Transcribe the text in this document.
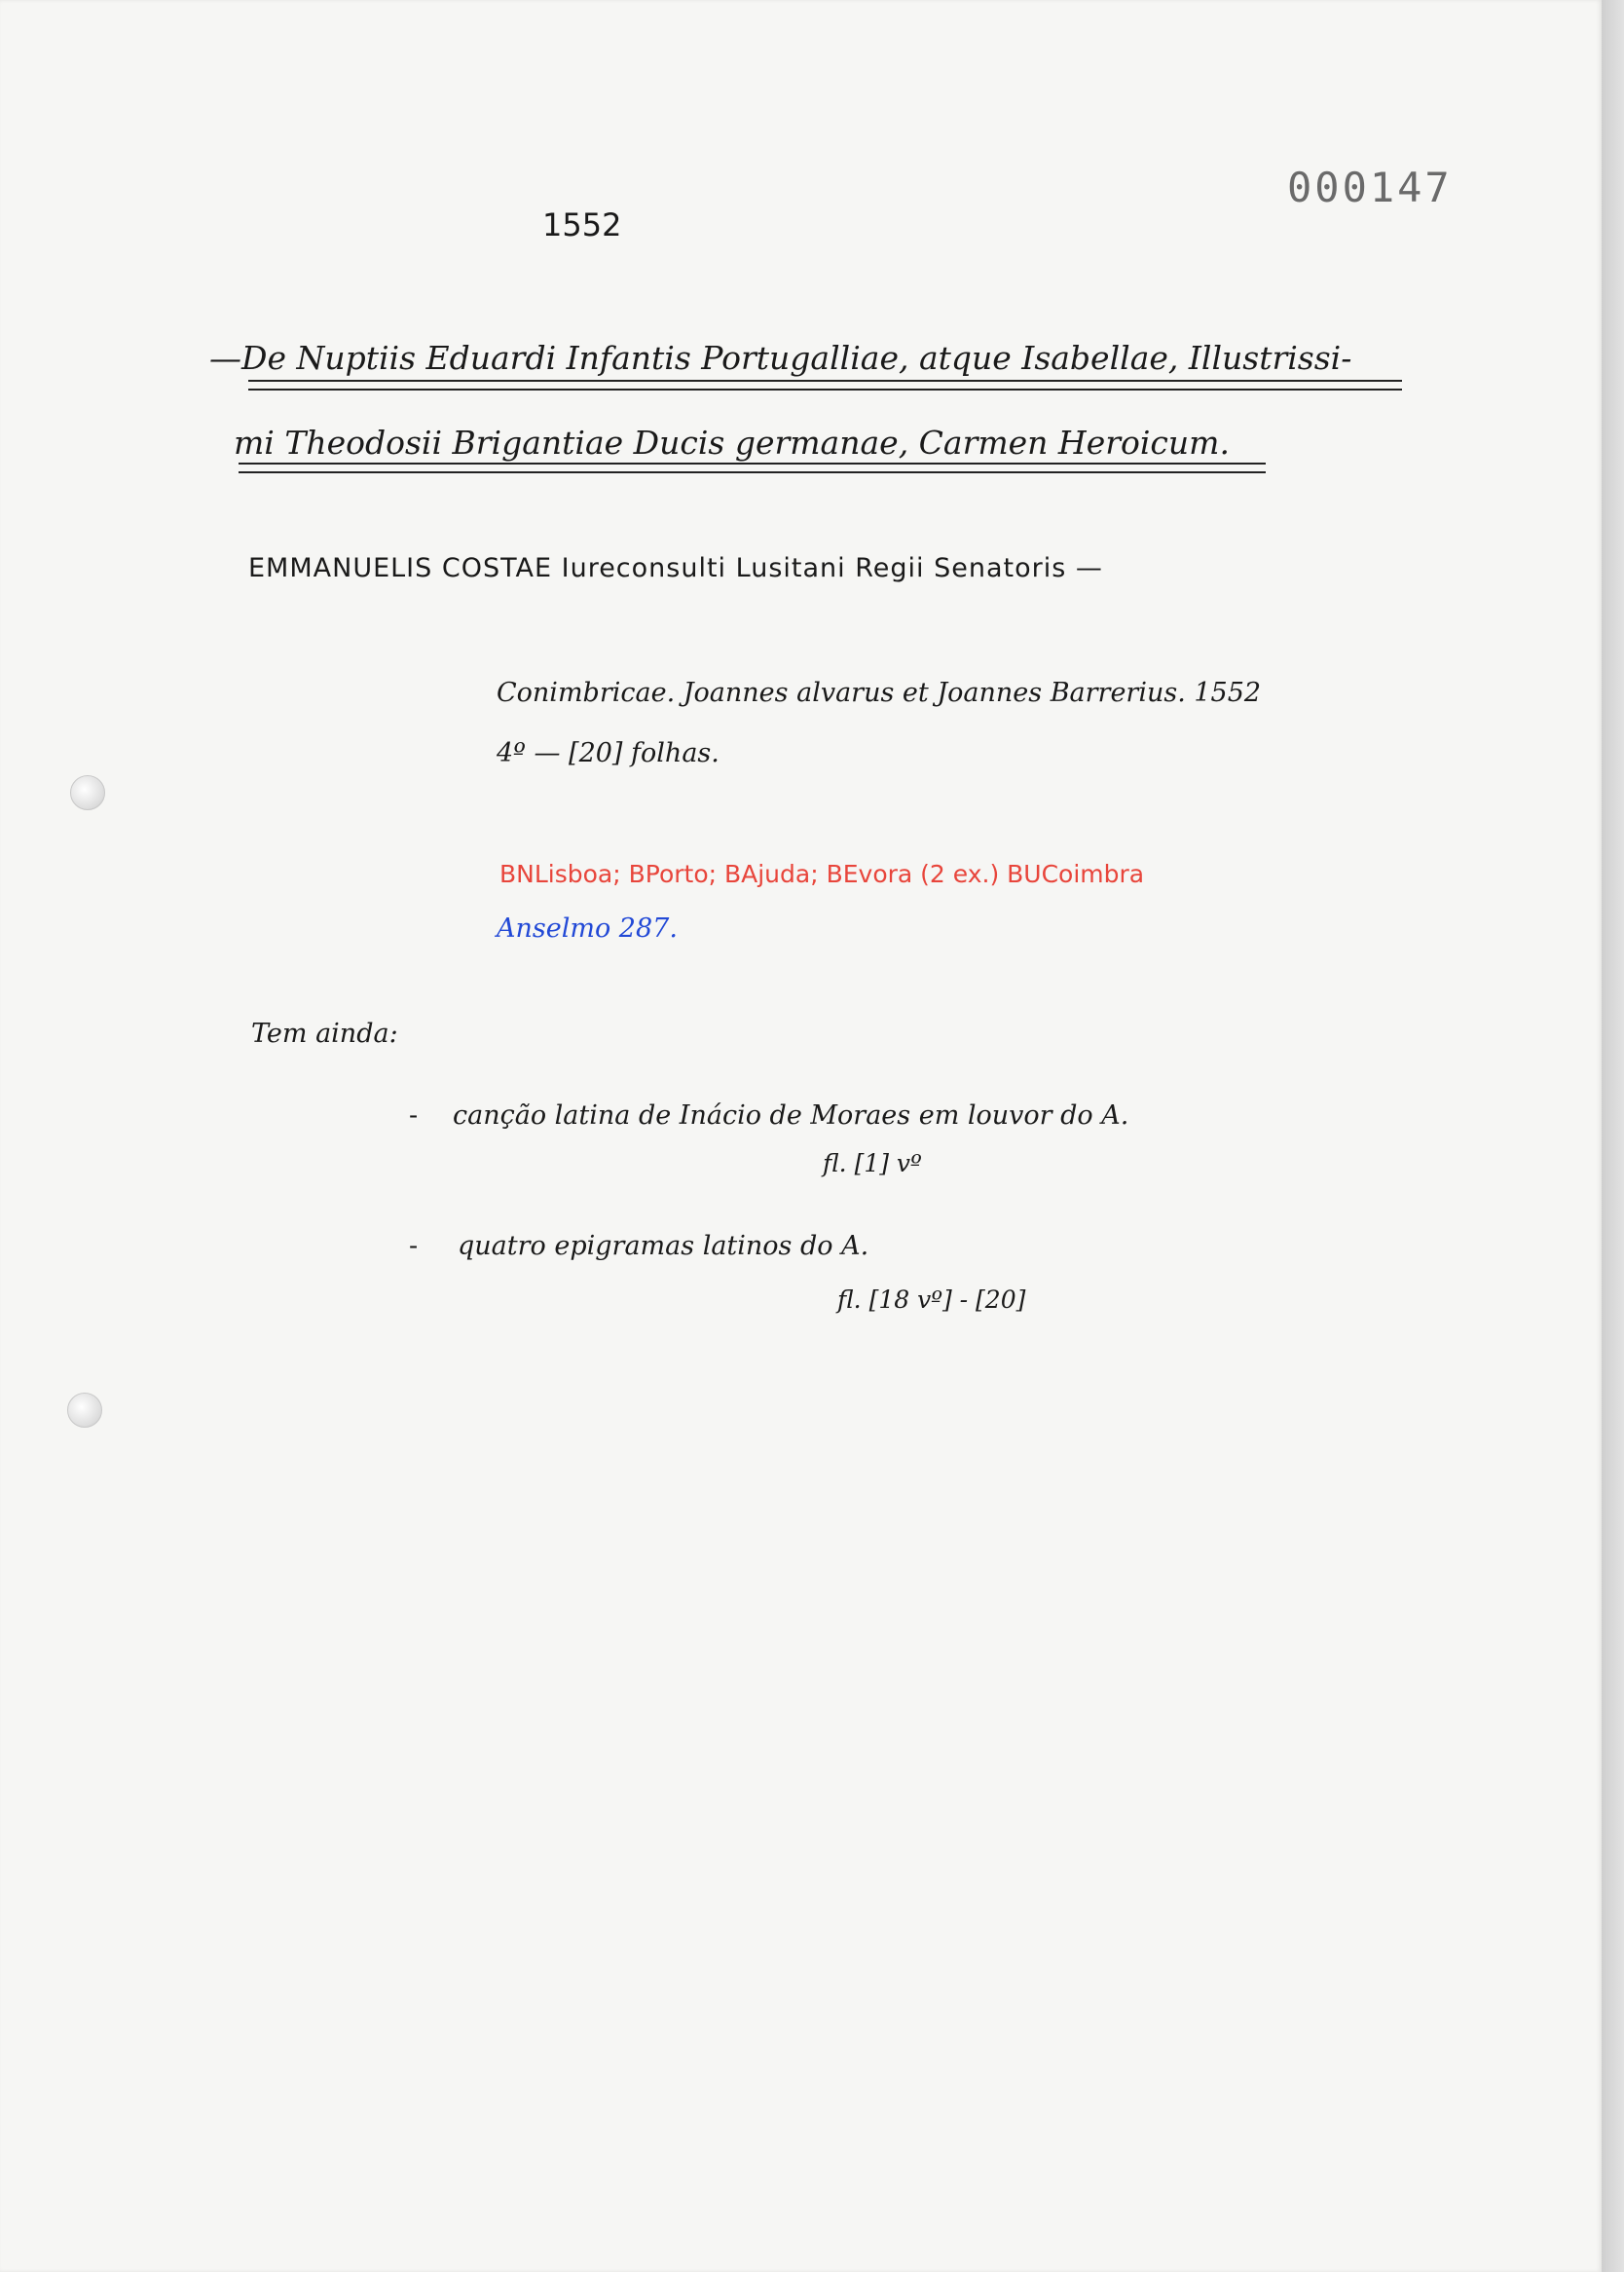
000147
1552
—De Nuptiis Eduardi Infantis Portugalliae, atque Isabellae, Illustrissi-
mi Theodosii Brigantiae Ducis germanae, Carmen Heroicum.
EMMANUELIS COSTAE Iureconsulti Lusitani Regii Senatoris —
Conimbricae. Joannes alvarus et Joannes Barrerius. 1552
4º — [20] folhas.
BNLisboa; BPorto; BAjuda; BEvora (2 ex.) BUCoimbra
Anselmo 287.
Tem ainda:
- canção latina de Inácio de Moraes em louvor do A.
fl. [1] vº
- quatro epigramas latinos do A.
fl. [18 vº] - [20]
